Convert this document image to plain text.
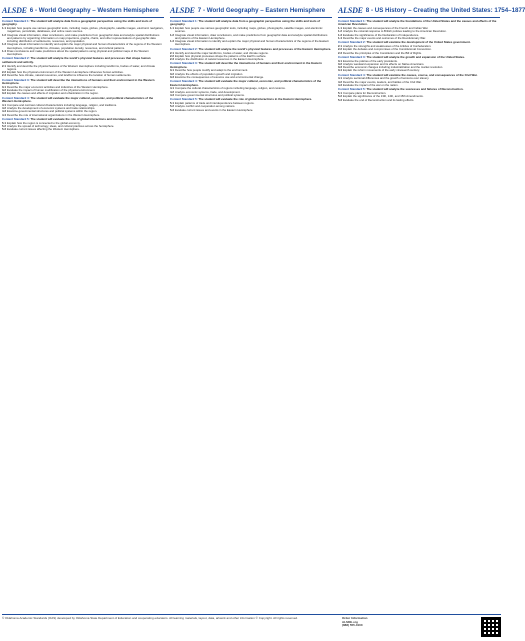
ALSDE 6 - World Geography – Western Hemisphere
Content Standard 1: The student will analyze data from a geographic perspective using the skills and tools of geography.
1.1 Explain how people use various geographic tools, including maps, globes, photographs, satellite images, electronic navigators, magazines, periodicals, databases, and online news sources.
1.2 Integrate visual information, draw conclusions, and make predictions from geographic data and analyze spatial distributions and patterns by organizing information on map projections, graphs, charts, and other representations of geographic data including distribution of settlements, resources, and population.
1.3 Integrate visual information to identify and explain the major physical and human characteristics of the regions of the Western Hemisphere, including landforms, climates, population density, resources, and cultural patterns.
1.4 Draw conclusions and make predictions about the spatial patterns using physical and political maps of the Western Hemisphere.
Content Standard 2: The student will analyze the world's physical features and processes that shape human settlement and activity.
2.1 Identify and describe the physical features of the Western Hemisphere including landforms, bodies of water, and climate regions.
2.2 Explain how the physical environment of the Western Hemisphere influences human activities.
2.3 Describe how climate, natural resources, and landforms influence the location of human settlements.
Content Standard 3: The student will describe the interactions of humans and their environment in the Western Hemisphere.
3.1 Describe the major economic activities and industries of the Western Hemisphere.
3.2 Evaluate the impact of human modification of the physical environment.
3.3 Explain the causes and effects of migration and urbanization in the region.
Content Standard 4: The student will evaluate the major cultural, economic, and political characteristics of the Western Hemisphere.
4.1 Compare and contrast cultural characteristics including language, religion, and traditions.
4.2 Analyze the development of economic systems and trade relationships.
4.3 Examine governmental structures and political systems within the region.
4.4 Describe the role of international organizations in the Western Hemisphere.
Content Standard 5: The student will evaluate the role of global interactions and interdependence.
5.1 Explain how the region is connected to the global economy.
5.2 Analyze the spread of technology, ideas, and cultural practices across the hemisphere.
5.3 Evaluate current issues affecting the Western Hemisphere.
ALSDE 7 - World Geography – Eastern Hemisphere
Content Standard 1: The student will analyze data from a geographic perspective using the skills and tools of geography.
1.1 Explain how people use various geographic tools, including maps, globes, photographs, satellite images, and electronic sources.
1.2 Integrate visual information, draw conclusions, and make predictions from geographic data and analyze spatial distributions and patterns of the Eastern Hemisphere.
1.3 Integrate visual information to identify and explain the major physical and human characteristics of the regions of the Eastern Hemisphere.
Content Standard 2: The student will analyze the world's physical features and processes of the Eastern Hemisphere.
2.1 Identify and describe major landforms, bodies of water, and climate regions.
2.2 Explain how physical processes shape the patterns of the Earth's surface.
2.3 Analyze the distribution of natural resources in the Eastern Hemisphere.
Content Standard 3: The student will describe the interactions of humans and their environment in the Eastern Hemisphere.
3.1 Describe how people modify and adapt to the environment.
3.2 Analyze the effects of population growth and migration.
3.3 Examine the consequences of resource use and environmental change.
Content Standard 4: The student will evaluate the major cultural, economic, and political characteristics of the Eastern Hemisphere.
4.1 Compare the cultural characteristics of regions including language, religion, and customs.
4.2 Analyze economic systems, trade, and development.
4.3 Compare governmental structures and political systems.
Content Standard 5: The student will evaluate the role of global interactions in the Eastern Hemisphere.
5.1 Explain patterns of trade and interdependence between regions.
5.2 Analyze conflict and cooperation among nations.
5.3 Evaluate current issues and events in the Eastern Hemisphere.
ALSDE 8 - US History – Creating the United States: 1754–1877
Content Standard 1: The student will analyze the foundations of the United States and the causes and effects of the American Revolution.
1.1 Explain the causes and consequences of the French and Indian War.
1.2 Analyze the colonial response to British policies leading to the American Revolution.
1.3 Evaluate the significance of the Declaration of Independence.
1.4 Describe the major events and outcomes of the Revolutionary War.
Content Standard 2: The student will examine the development of the United States government.
2.1 Analyze the strengths and weaknesses of the Articles of Confederation.
2.2 Explain the debates and compromises of the Constitutional Convention.
2.3 Describe the principles of the Constitution and the Bill of Rights.
Content Standard 3: The student will analyze the growth and expansion of the United States.
3.1 Examine the policies of the early presidents.
3.2 Analyze westward expansion and its effects on Native Americans.
3.3 Describe economic changes including industrialization and the market revolution.
3.4 Explain the reform movements of the early nineteenth century.
Content Standard 4: The student will examine the causes, course, and consequences of the Civil War.
4.1 Analyze sectional differences and the growth of tensions over slavery.
4.2 Describe the major events, leaders, and battles of the Civil War.
4.3 Evaluate the impact of the war on the nation.
Content Standard 5: The student will analyze the successes and failures of Reconstruction.
5.1 Compare plans for Reconstruction.
5.2 Explain the significance of the 13th, 14th, and 15th Amendments.
5.3 Evaluate the end of Reconstruction and its lasting effects.
© Oklahoma Academic Standards (OAS) developed by Oklahoma State Department of Education and cooperating educators. All learning materials, layout, data, artwork and other information © Copyright. All rights reserved.	Order Information
ALSDE.org
(888) 555-0100
